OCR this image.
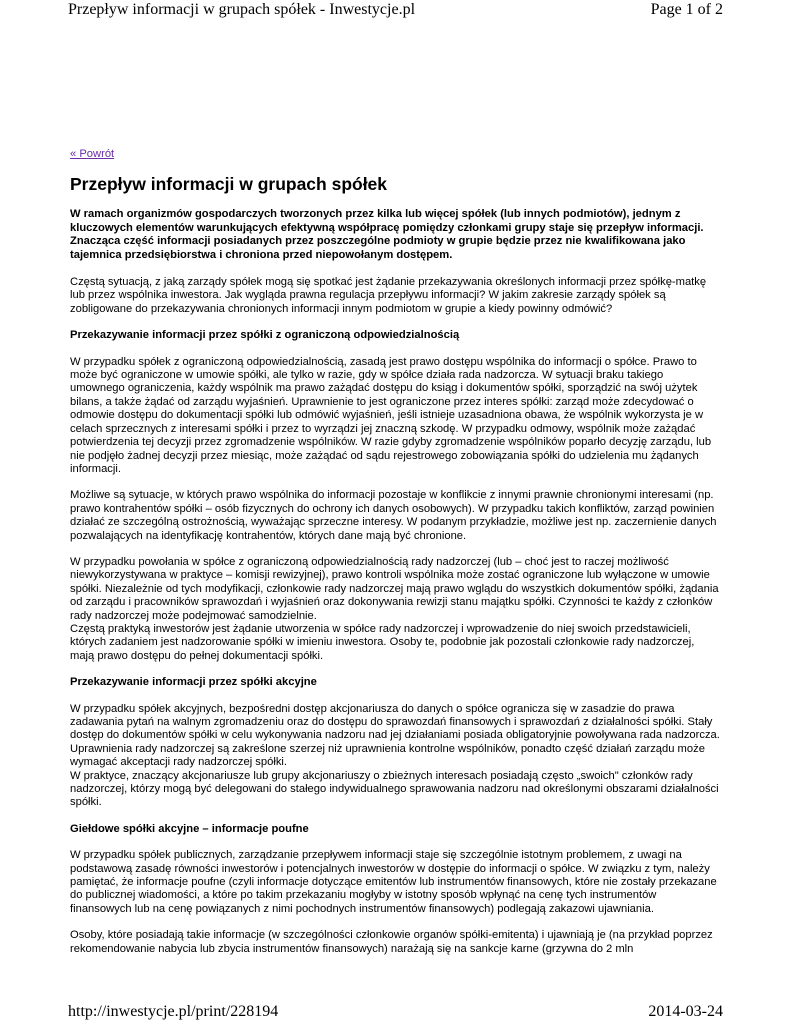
Przepływ informacji w grupach spółek - Inwestycje.pl	Page 1 of 2
« Powrót
Przepływ informacji w grupach spółek

W ramach organizmów gospodarczych tworzonych przez kilka lub więcej spółek (lub innych podmiotów), jednym z kluczowych elementów warunkujących efektywną współpracę pomiędzy członkami grupy staje się przepływ informacji. Znacząca część informacji posiadanych przez poszczególne podmioty w grupie będzie przez nie kwalifikowana jako tajemnica przedsiębiorstwa i chroniona przed niepowołanym dostępem.

Częstą sytuacją, z jaką zarządy spółek mogą się spotkać jest żądanie przekazywania określonych informacji przez spółkę-matkę lub przez wspólnika inwestora. Jak wygląda prawna regulacja przepływu informacji? W jakim zakresie zarządy spółek są zobligowane do przekazywania chronionych informacji innym podmiotom w grupie a kiedy powinny odmówić?

Przekazywanie informacji przez spółki z ograniczoną odpowiedzialnością

W przypadku spółek z ograniczoną odpowiedzialnością, zasadą jest prawo dostępu wspólnika do informacji o spółce. Prawo to może być ograniczone w umowie spółki, ale tylko w razie, gdy w spółce działa rada nadzorcza. W sytuacji braku takiego umownego ograniczenia, każdy wspólnik ma prawo zażądać dostępu do ksiąg i dokumentów spółki, sporządzić na swój użytek bilans, a także żądać od zarządu wyjaśnień. Uprawnienie to jest ograniczone przez interes spółki: zarząd może zdecydować o odmowie dostępu do dokumentacji spółki lub odmówić wyjaśnień, jeśli istnieje uzasadniona obawa, że wspólnik wykorzysta je w celach sprzecznych z interesami spółki i przez to wyrządzi jej znaczną szkodę. W przypadku odmowy, wspólnik może zażądać potwierdzenia tej decyzji przez zgromadzenie wspólników. W razie gdyby zgromadzenie wspólników poparło decyzję zarządu, lub nie podjęło żadnej decyzji przez miesiąc, może zażądać od sądu rejestrowego zobowiązania spółki do udzielenia mu żądanych informacji.

Możliwe są sytuacje, w których prawo wspólnika do informacji pozostaje w konflikcie z innymi prawnie chronionymi interesami (np. prawo kontrahentów spółki – osób fizycznych do ochrony ich danych osobowych). W przypadku takich konfliktów, zarząd powinien działać ze szczególną ostrożnością, wyważając sprzeczne interesy. W podanym przykładzie, możliwe jest np. zaczernienie danych pozwalających na identyfikację kontrahentów, których dane mają być chronione.

W przypadku powołania w spółce z ograniczoną odpowiedzialnością rady nadzorczej (lub – choć jest to raczej możliwość niewykorzystywana w praktyce – komisji rewizyjnej), prawo kontroli wspólnika może zostać ograniczone lub wyłączone w umowie spółki. Niezależnie od tych modyfikacji, członkowie rady nadzorczej mają prawo wglądu do wszystkich dokumentów spółki, żądania od zarządu i pracowników sprawozdań i wyjaśnień oraz dokonywania rewizji stanu majątku spółki. Czynności te każdy z członków rady nadzorczej może podejmować samodzielnie.

Częstą praktyką inwestorów jest żądanie utworzenia w spółce rady nadzorczej i wprowadzenie do niej swoich przedstawicieli, których zadaniem jest nadzorowanie spółki w imieniu inwestora. Osoby te, podobnie jak pozostali członkowie rady nadzorczej, mają prawo dostępu do pełnej dokumentacji spółki.

Przekazywanie informacji przez spółki akcyjne

W przypadku spółek akcyjnych, bezpośredni dostęp akcjonariusza do danych o spółce ogranicza się w zasadzie do prawa zadawania pytań na walnym zgromadzeniu oraz do dostępu do sprawozdań finansowych i sprawozdań z działalności spółki. Stały dostęp do dokumentów spółki w celu wykonywania nadzoru nad jej działaniami posiada obligatoryjnie powoływana rada nadzorcza. Uprawnienia rady nadzorczej są zakreślone szerzej niż uprawnienia kontrolne wspólników, ponadto część działań zarządu może wymagać akceptacji rady nadzorczej spółki.

W praktyce, znaczący akcjonariusze lub grupy akcjonariuszy o zbieżnych interesach posiadają często „swoich" członków rady nadzorczej, którzy mogą być delegowani do stałego indywidualnego sprawowania nadzoru nad określonymi obszarami działalności spółki.

Giełdowe spółki akcyjne – informacje poufne

W przypadku spółek publicznych, zarządzanie przepływem informacji staje się szczególnie istotnym problemem, z uwagi na podstawową zasadę równości inwestorów i potencjalnych inwestorów w dostępie do informacji o spółce. W związku z tym, należy pamiętać, że informacje poufne (czyli informacje dotyczące emitentów lub instrumentów finansowych, które nie zostały przekazane do publicznej wiadomości, a które po takim przekazaniu mogłyby w istotny sposób wpłynąć na cenę tych instrumentów finansowych lub na cenę powiązanych z nimi pochodnych instrumentów finansowych) podlegają zakazowi ujawniania.

Osoby, które posiadają takie informacje (w szczególności członkowie organów spółki-emitenta) i ujawniają je (na przykład poprzez rekomendowanie nabycia lub zbycia instrumentów finansowych) narażają się na sankcje karne (grzywna do 2 mln

http://inwestycje.pl/print/228194	2014-03-24
